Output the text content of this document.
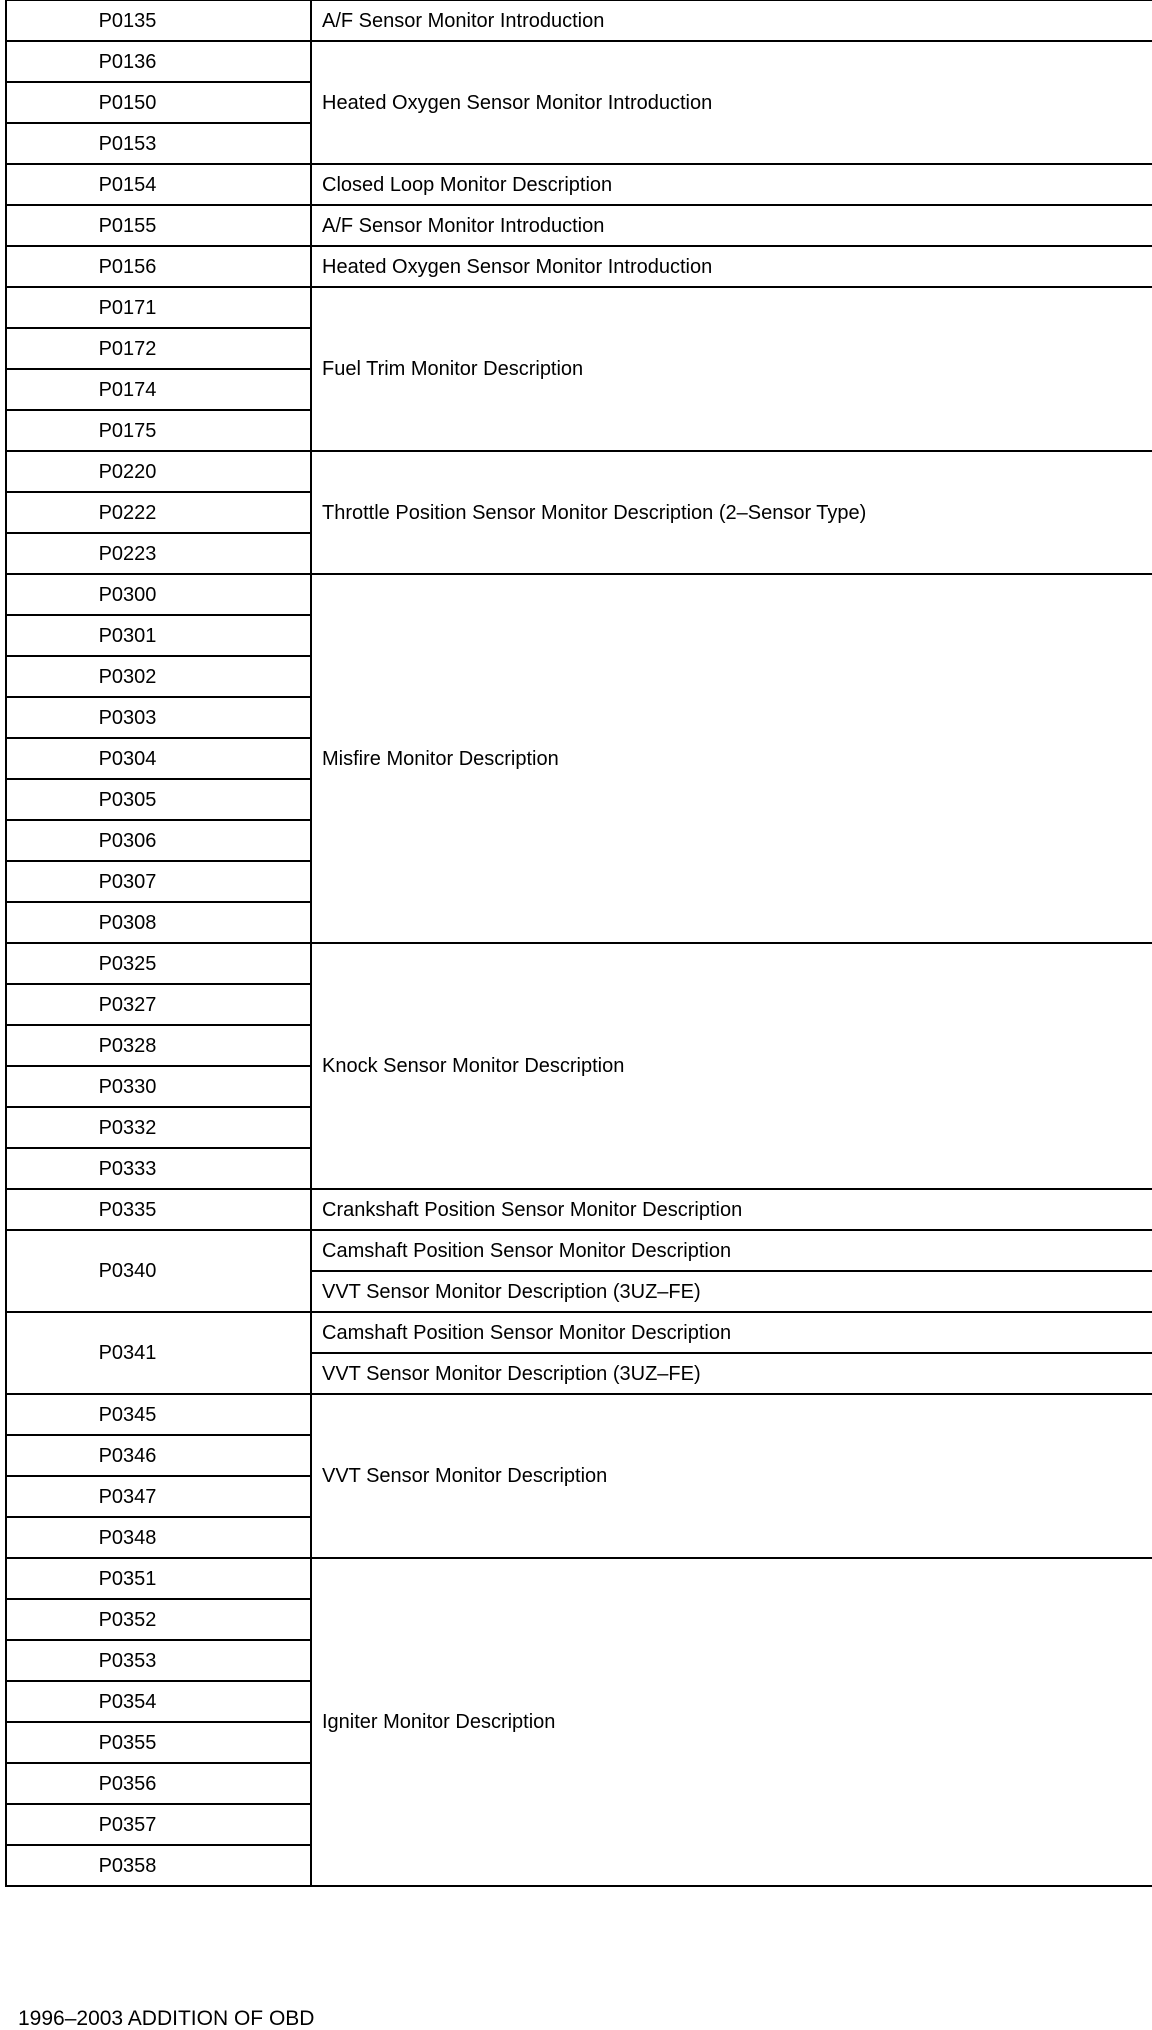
P0135	A/F Sensor Monitor Introduction
P0136	Heated Oxygen Sensor Monitor Introduction
P0150	
P0153	
P0154	Closed Loop Monitor Description
P0155	A/F Sensor Monitor Introduction
P0156	Heated Oxygen Sensor Monitor Introduction
P0171	Fuel Trim Monitor Description
P0172	
P0174	
P0175	
P0220	Throttle Position Sensor Monitor Description (2–Sensor Type)
P0222	
P0223	
P0300	Misfire Monitor Description
P0301	
P0302	
P0303	
P0304	
P0305	
P0306	
P0307	
P0308	
P0325	Knock Sensor Monitor Description
P0327	
P0328	
P0330	
P0332	
P0333	
P0335	Crankshaft Position Sensor Monitor Description
P0340	Camshaft Position Sensor Monitor Description
	VVT Sensor Monitor Description (3UZ–FE)
P0341	Camshaft Position Sensor Monitor Description
	VVT Sensor Monitor Description (3UZ–FE)
P0345	VVT Sensor Monitor Description
P0346	
P0347	
P0348	
P0351	Igniter Monitor Description
P0352	
P0353	
P0354	
P0355	
P0356	
P0357	
P0358	
1996–2003 ADDITION OF OBD
